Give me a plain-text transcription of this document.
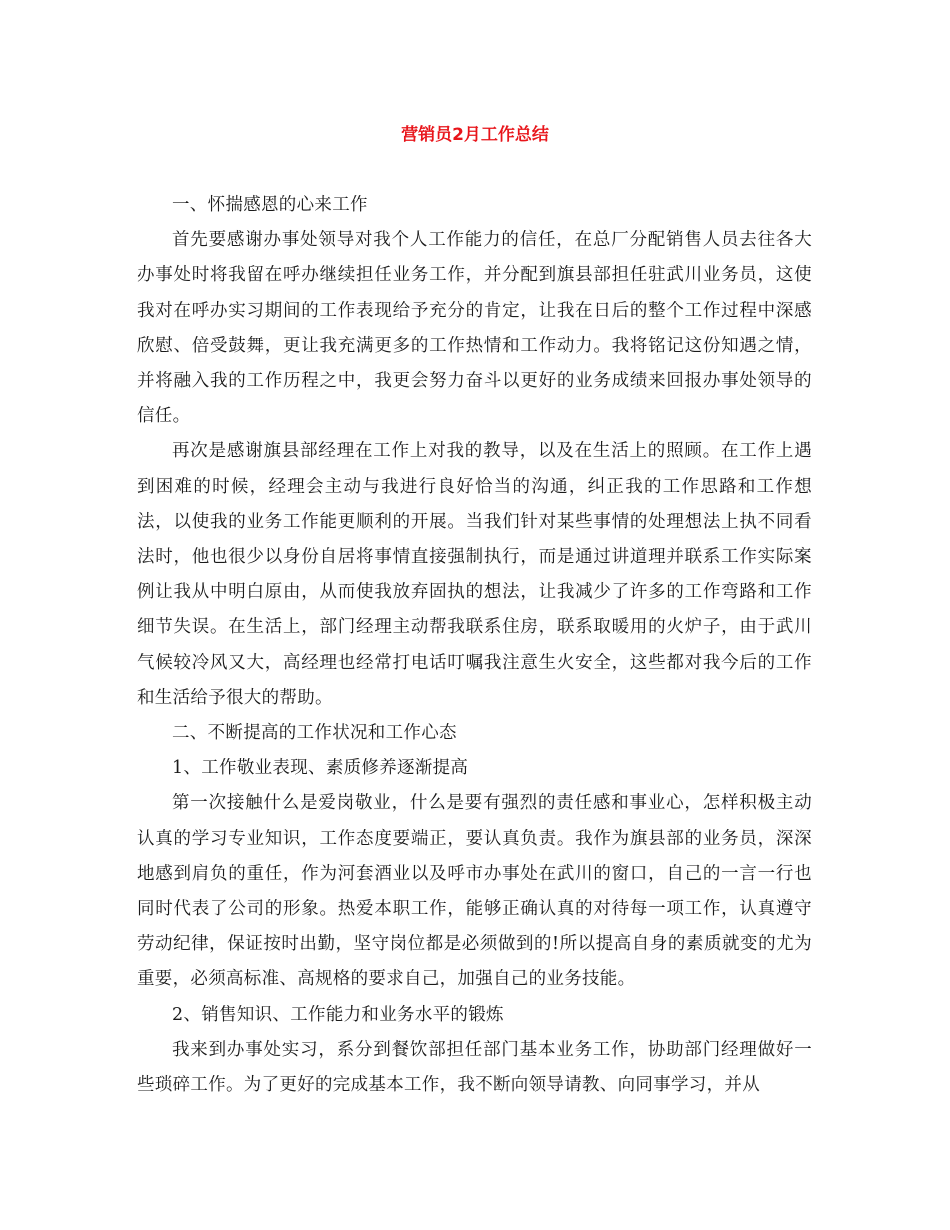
营销员2月工作总结

一、怀揣感恩的心来工作

首先要感谢办事处领导对我个人工作能力的信任，在总厂分配销售人员去往各大办事处时将我留在呼办继续担任业务工作，并分配到旗县部担任驻武川业务员，这使我对在呼办实习期间的工作表现给予充分的肯定，让我在日后的整个工作过程中深感欣慰、倍受鼓舞，更让我充满更多的工作热情和工作动力。我将铭记这份知遇之情，并将融入我的工作历程之中，我更会努力奋斗以更好的业务成绩来回报办事处领导的信任。

再次是感谢旗县部经理在工作上对我的教导，以及在生活上的照顾。在工作上遇到困难的时候，经理会主动与我进行良好恰当的沟通，纠正我的工作思路和工作想法，以使我的业务工作能更顺利的开展。当我们针对某些事情的处理想法上执不同看法时，他也很少以身份自居将事情直接强制执行，而是通过讲道理并联系工作实际案例让我从中明白原由，从而使我放弃固执的想法，让我减少了许多的工作弯路和工作细节失误。在生活上，部门经理主动帮我联系住房，联系取暖用的火炉子，由于武川气候较冷风又大，高经理也经常打电话叮嘱我注意生火安全，这些都对我今后的工作和生活给予很大的帮助。

二、不断提高的工作状况和工作心态

1、工作敬业表现、素质修养逐渐提高

第一次接触什么是爱岗敬业，什么是要有强烈的责任感和事业心，怎样积极主动认真的学习专业知识，工作态度要端正，要认真负责。我作为旗县部的业务员，深深地感到肩负的重任，作为河套酒业以及呼市办事处在武川的窗口，自己的一言一行也同时代表了公司的形象。热爱本职工作，能够正确认真的对待每一项工作，认真遵守劳动纪律，保证按时出勤，坚守岗位都是必须做到的!所以提高自身的素质就变的尤为重要，必须高标准、高规格的要求自己，加强自己的业务技能。

2、销售知识、工作能力和业务水平的锻炼

我来到办事处实习，系分到餐饮部担任部门基本业务工作，协助部门经理做好一些琐碎工作。为了更好的完成基本工作，我不断向领导请教、向同事学习，并从
